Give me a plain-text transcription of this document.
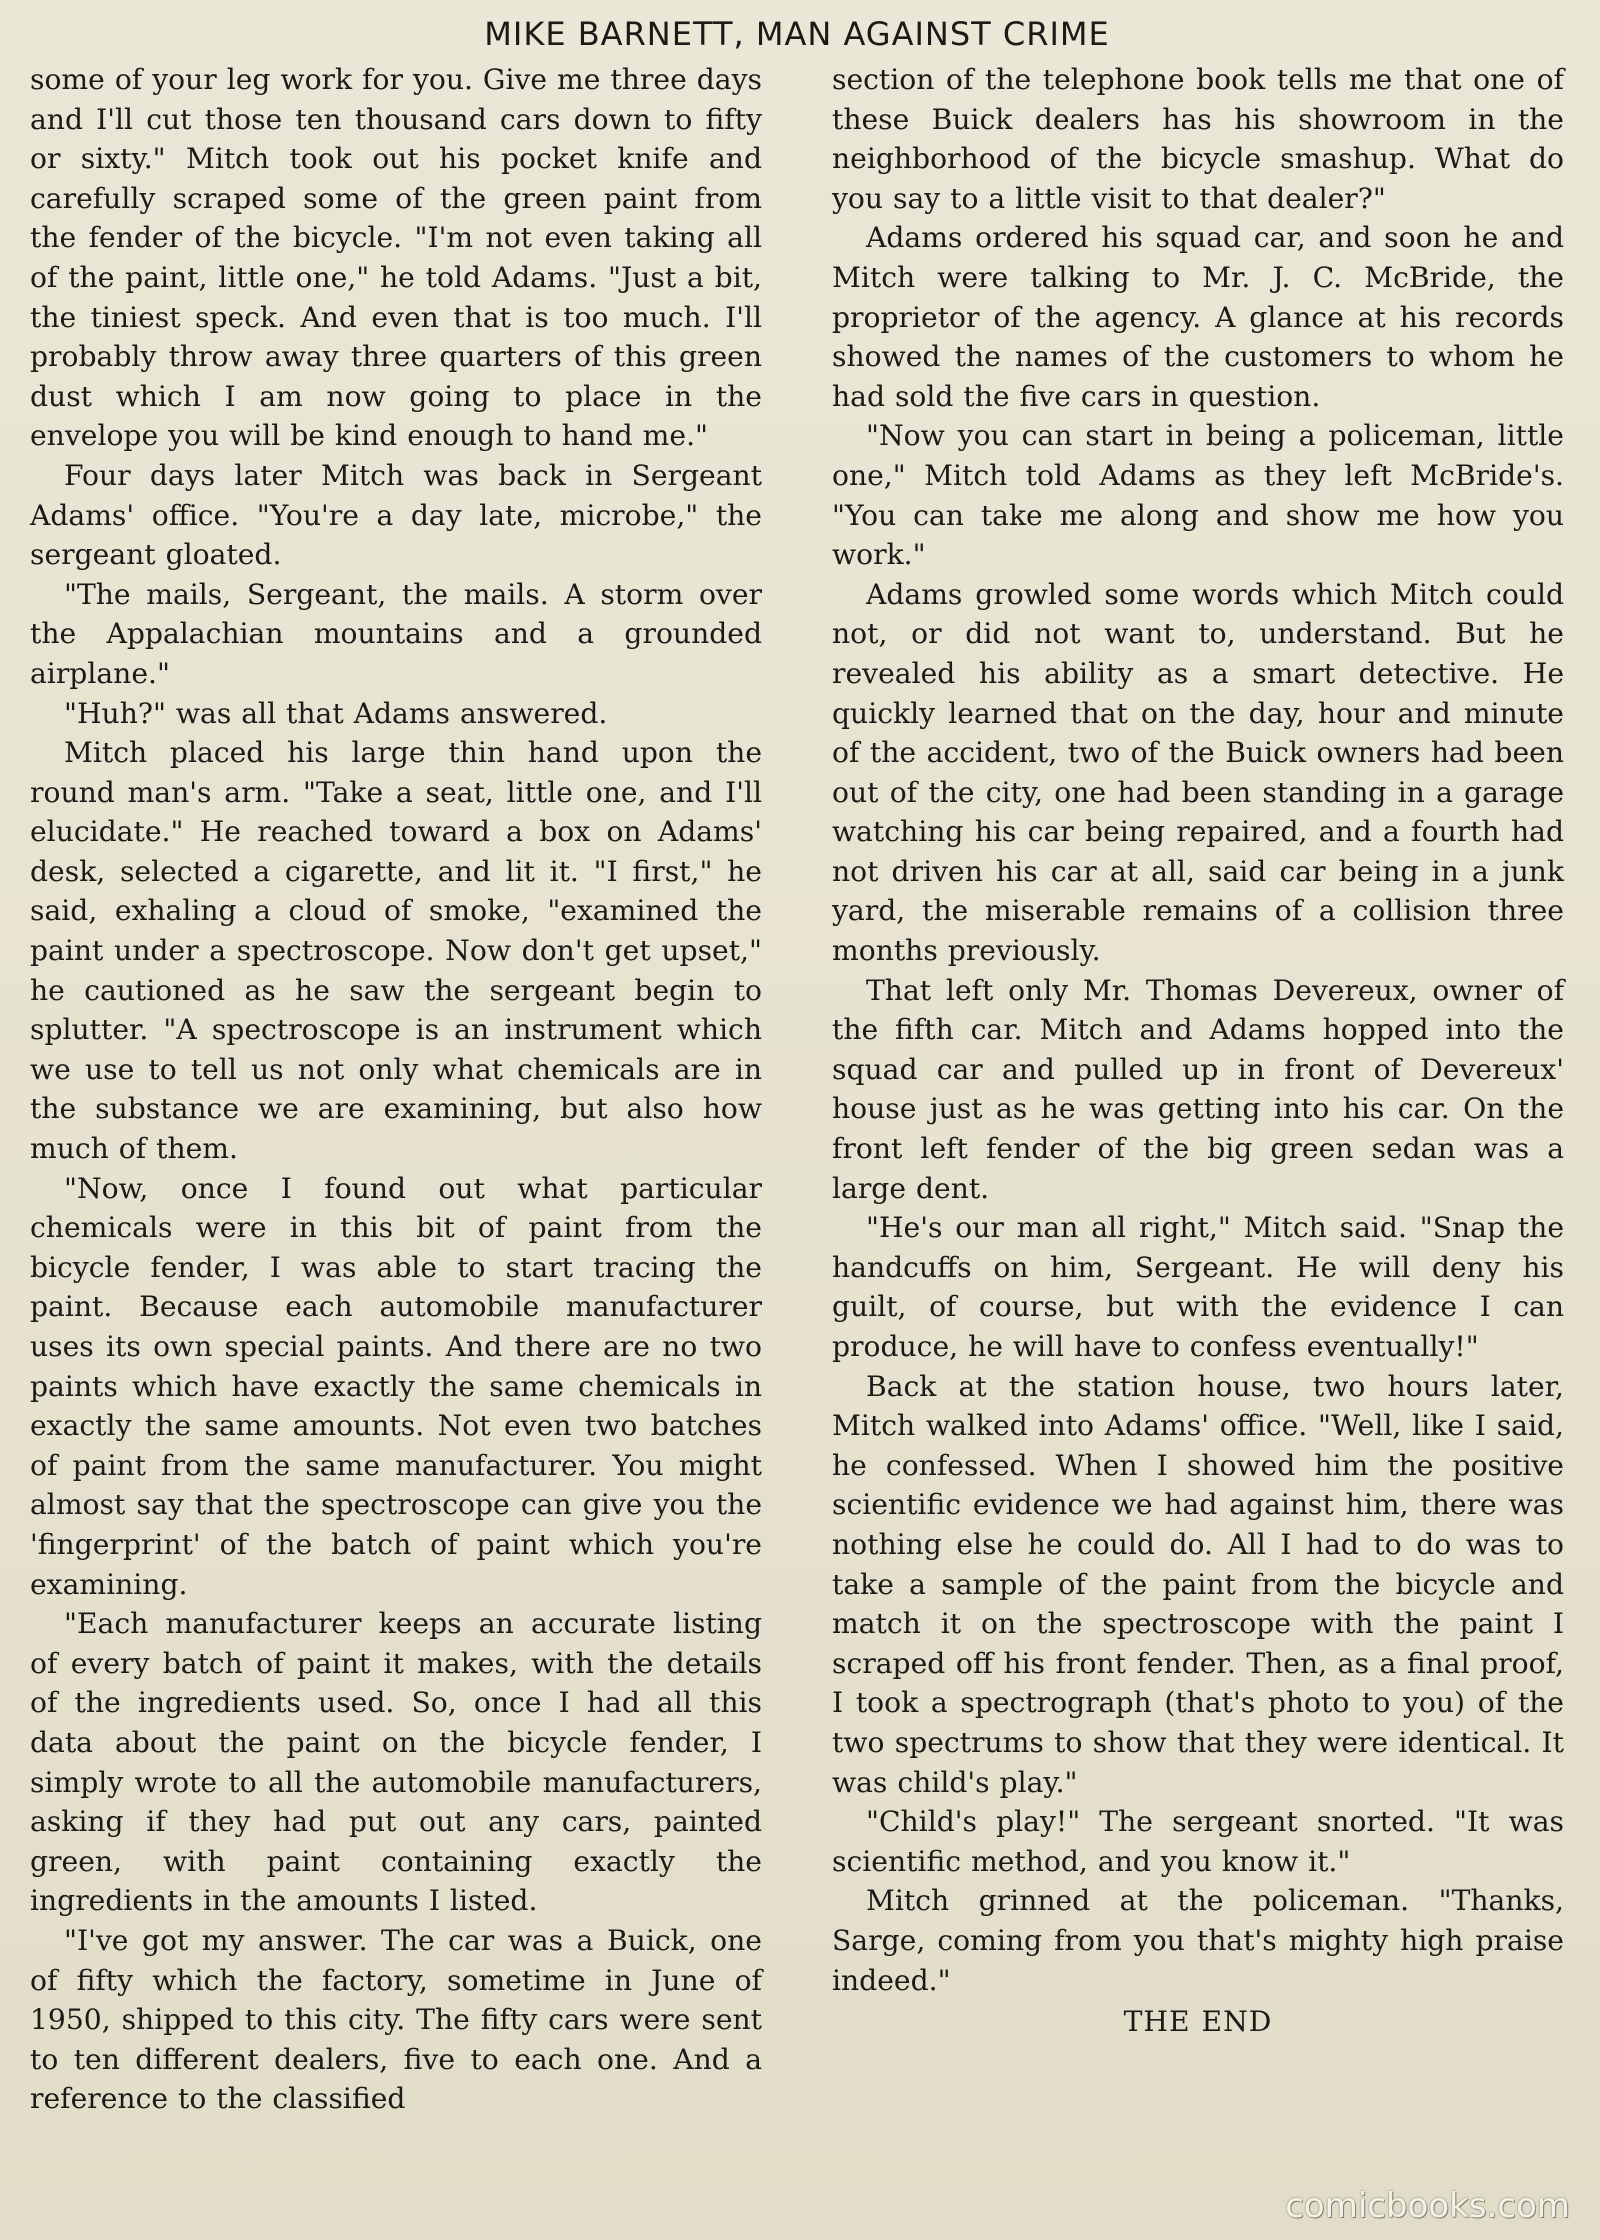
MIKE BARNETT, MAN AGAINST CRIME

some of your leg work for you. Give me three days and I'll cut those ten thousand cars down to fifty or sixty." Mitch took out his pocket knife and carefully scraped some of the green paint from the fender of the bicycle. "I'm not even taking all of the paint, little one," he told Adams. "Just a bit, the tiniest speck. And even that is too much. I'll probably throw away three quarters of this green dust which I am now going to place in the envelope you will be kind enough to hand me."

Four days later Mitch was back in Sergeant Adams' office. "You're a day late, microbe," the sergeant gloated.

"The mails, Sergeant, the mails. A storm over the Appalachian mountains and a grounded airplane."

"Huh?" was all that Adams answered.

Mitch placed his large thin hand upon the round man's arm. "Take a seat, little one, and I'll elucidate." He reached toward a box on Adams' desk, selected a cigarette, and lit it. "I first," he said, exhaling a cloud of smoke, "examined the paint under a spectroscope. Now don't get upset," he cautioned as he saw the sergeant begin to splutter. "A spectroscope is an instrument which we use to tell us not only what chemicals are in the substance we are examining, but also how much of them.

"Now, once I found out what particular chemicals were in this bit of paint from the bicycle fender, I was able to start tracing the paint. Because each automobile manufacturer uses its own special paints. And there are no two paints which have exactly the same chemicals in exactly the same amounts. Not even two batches of paint from the same manufacturer. You might almost say that the spectroscope can give you the 'fingerprint' of the batch of paint which you're examining.

"Each manufacturer keeps an accurate listing of every batch of paint it makes, with the details of the ingredients used. So, once I had all this data about the paint on the bicycle fender, I simply wrote to all the automobile manufacturers, asking if they had put out any cars, painted green, with paint containing exactly the ingredients in the amounts I listed.

"I've got my answer. The car was a Buick, one of fifty which the factory, sometime in June of 1950, shipped to this city. The fifty cars were sent to ten different dealers, five to each one. And a reference to the classified

section of the telephone book tells me that one of these Buick dealers has his showroom in the neighborhood of the bicycle smashup. What do you say to a little visit to that dealer?"

Adams ordered his squad car, and soon he and Mitch were talking to Mr. J. C. McBride, the proprietor of the agency. A glance at his records showed the names of the customers to whom he had sold the five cars in question.

"Now you can start in being a policeman, little one," Mitch told Adams as they left McBride's. "You can take me along and show me how you work."

Adams growled some words which Mitch could not, or did not want to, understand. But he revealed his ability as a smart detective. He quickly learned that on the day, hour and minute of the accident, two of the Buick owners had been out of the city, one had been standing in a garage watching his car being repaired, and a fourth had not driven his car at all, said car being in a junk yard, the miserable remains of a collision three months previously.

That left only Mr. Thomas Devereux, owner of the fifth car. Mitch and Adams hopped into the squad car and pulled up in front of Devereux' house just as he was getting into his car. On the front left fender of the big green sedan was a large dent.

"He's our man all right," Mitch said. "Snap the handcuffs on him, Sergeant. He will deny his guilt, of course, but with the evidence I can produce, he will have to confess eventually!"

Back at the station house, two hours later, Mitch walked into Adams' office. "Well, like I said, he confessed. When I showed him the positive scientific evidence we had against him, there was nothing else he could do. All I had to do was to take a sample of the paint from the bicycle and match it on the spectroscope with the paint I scraped off his front fender. Then, as a final proof, I took a spectrograph (that's photo to you) of the two spectrums to show that they were identical. It was child's play."

"Child's play!" The sergeant snorted. "It was scientific method, and you know it."

Mitch grinned at the policeman. "Thanks, Sarge, coming from you that's mighty high praise indeed."

THE END

comicbooks.com
